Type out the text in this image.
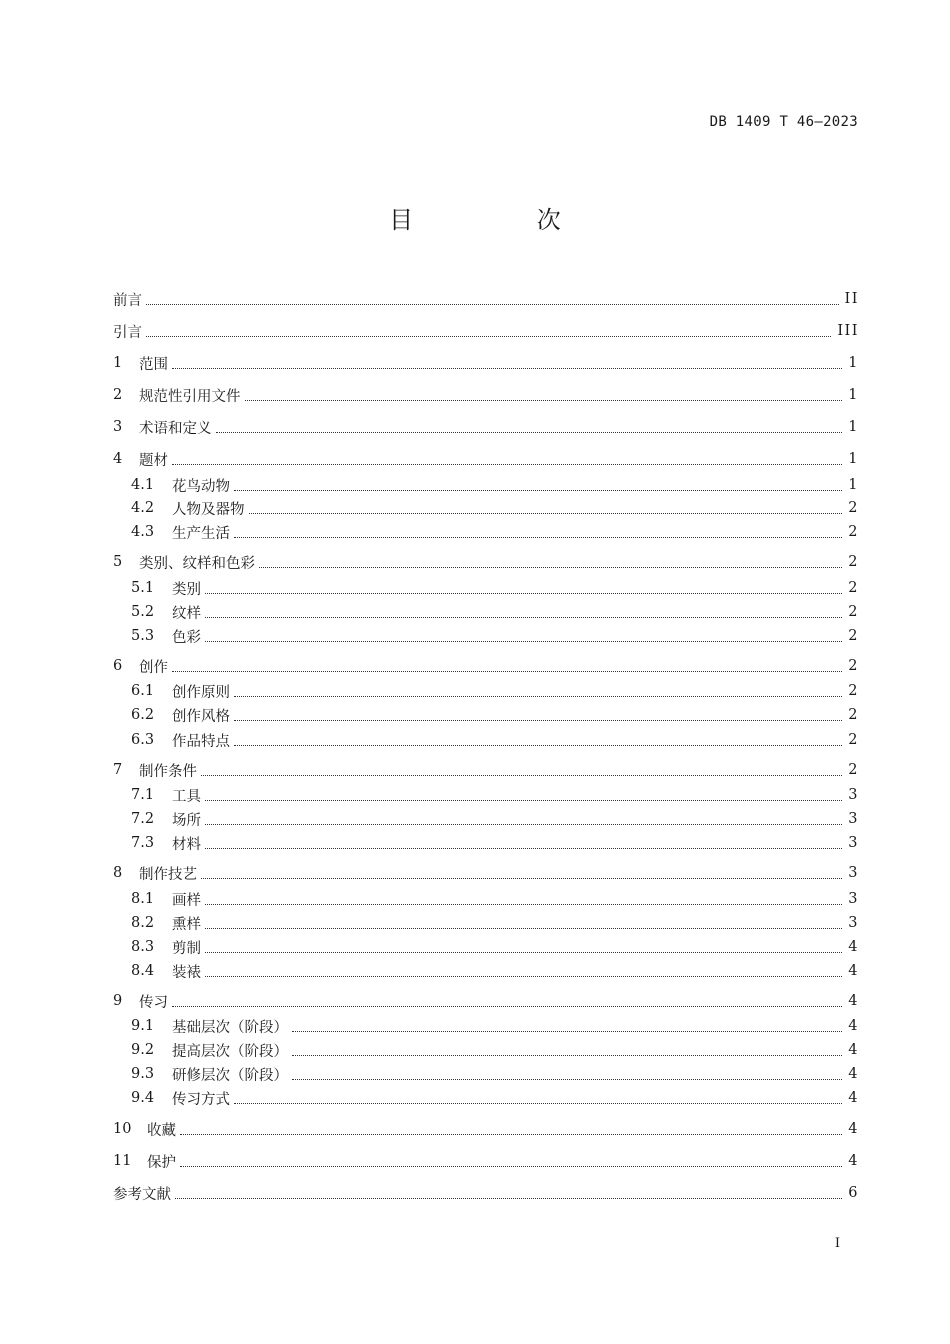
DB 1409 T 46—2023
目 次
前言	II
引言	III
1	范围	1
2	规范性引用文件	1
3	术语和定义	1
4	题材	1
4.1	花鸟动物	1
4.2	人物及器物	2
4.3	生产生活	2
5	类别、纹样和色彩	2
5.1	类别	2
5.2	纹样	2
5.3	色彩	2
6	创作	2
6.1	创作原则	2
6.2	创作风格	2
6.3	作品特点	2
7	制作条件	2
7.1	工具	3
7.2	场所	3
7.3	材料	3
8	制作技艺	3
8.1	画样	3
8.2	熏样	3
8.3	剪制	4
8.4	装裱	4
9	传习	4
9.1	基础层次（阶段）	4
9.2	提高层次（阶段）	4
9.3	研修层次（阶段）	4
9.4	传习方式	4
10	收藏	4
11	保护	4
参考文献	6
I
